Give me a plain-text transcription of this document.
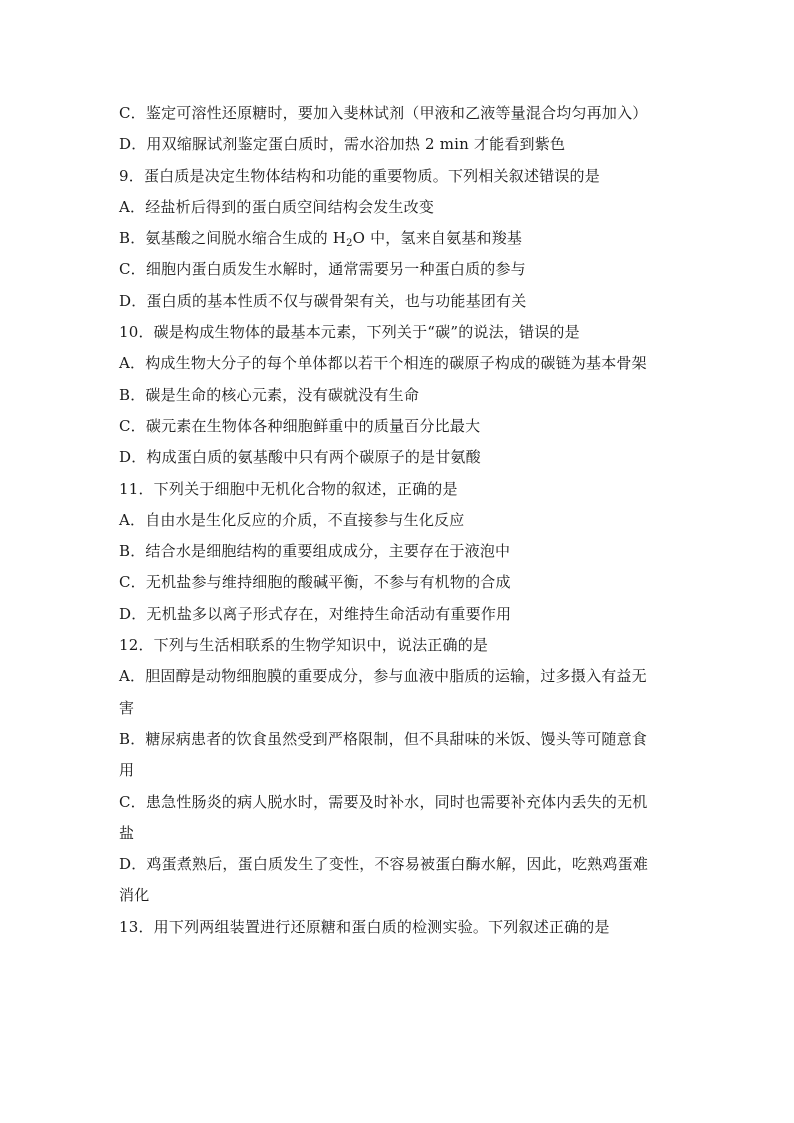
C．鉴定可溶性还原糖时，要加入斐林试剂（甲液和乙液等量混合均匀再加入）
D．用双缩脲试剂鉴定蛋白质时，需水浴加热 2 min 才能看到紫色
9．蛋白质是决定生物体结构和功能的重要物质。下列相关叙述错误的是
A．经盐析后得到的蛋白质空间结构会发生改变
B．氨基酸之间脱水缩合生成的 $H_2O$ 中，氢来自氨基和羧基
C．细胞内蛋白质发生水解时，通常需要另一种蛋白质的参与
D．蛋白质的基本性质不仅与碳骨架有关，也与功能基团有关
10．碳是构成生物体的最基本元素，下列关于“碳”的说法，错误的是
A．构成生物大分子的每个单体都以若干个相连的碳原子构成的碳链为基本骨架
B．碳是生命的核心元素，没有碳就没有生命
C．碳元素在生物体各种细胞鲜重中的质量百分比最大
D．构成蛋白质的氨基酸中只有两个碳原子的是甘氨酸
11．下列关于细胞中无机化合物的叙述，正确的是
A．自由水是生化反应的介质，不直接参与生化反应
B．结合水是细胞结构的重要组成成分，主要存在于液泡中
C．无机盐参与维持细胞的酸碱平衡，不参与有机物的合成
D．无机盐多以离子形式存在，对维持生命活动有重要作用
12．下列与生活相联系的生物学知识中，说法正确的是
A．胆固醇是动物细胞膜的重要成分，参与血液中脂质的运输，过多摄入有益无
害
B．糖尿病患者的饮食虽然受到严格限制，但不具甜味的米饭、馒头等可随意食
用
C．患急性肠炎的病人脱水时，需要及时补水，同时也需要补充体内丢失的无机
盐
D．鸡蛋煮熟后，蛋白质发生了变性，不容易被蛋白酶水解，因此，吃熟鸡蛋难
消化
13．用下列两组装置进行还原糖和蛋白质的检测实验。下列叙述正确的是
